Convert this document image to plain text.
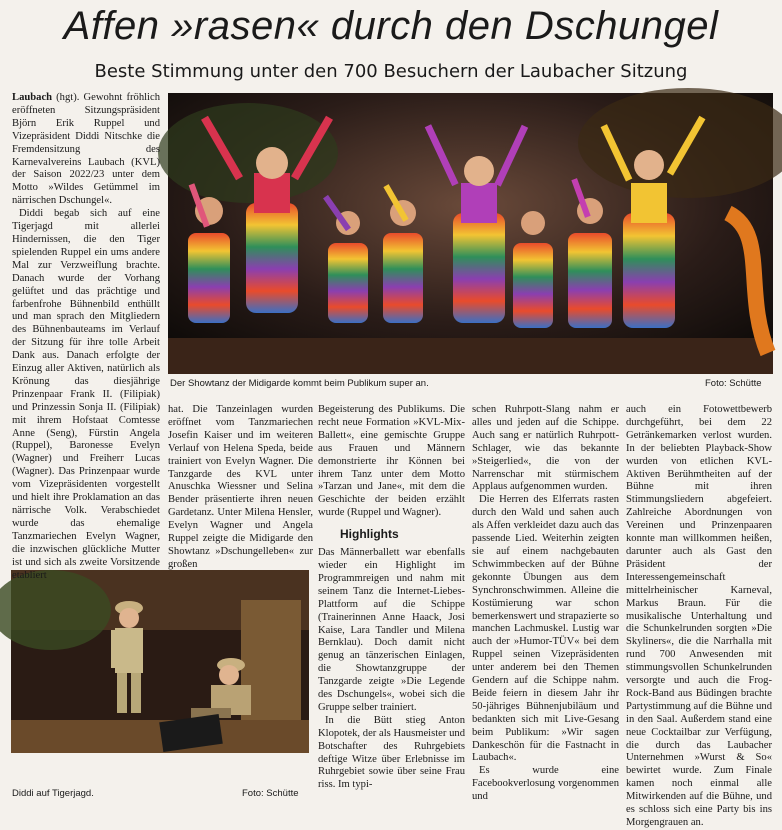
Affen »rasen« durch den Dschungel
Beste Stimmung unter den 700 Besuchern der Laubacher Sitzung
Der Showtanz der Midigarde kommt beim Publikum super an.	Foto: Schütte
Diddi auf Tigerjagd.	Foto: Schütte

Laubach (hgt). Gewohnt fröhlich eröffneten Sitzungspräsident Björn Erik Ruppel und Vizepräsident Diddi Nitschke die Fremdensitzung des Karnevalvereins Laubach (KVL) der Saison 2022/23 unter dem Motto »Wildes Getümmel im närrischen Dschungel«.

Diddi begab sich auf eine Tigerjagd mit allerlei Hindernissen, die den Tiger spielenden Ruppel ein ums andere Mal zur Verzweiflung brachte. Danach wurde der Vorhang gelüftet und das prächtige und farbenfrohe Bühnenbild enthüllt und man sprach den Mitgliedern des Bühnenbauteams im Verlauf der Sitzung für ihre tolle Arbeit Dank aus. Danach erfolgte der Einzug aller Aktiven, natürlich als Krönung das diesjährige Prinzenpaar Frank II. (Filipiak) und Prinzessin Sonja II. (Filipiak) mit ihrem Hofstaat Comtesse Anne (Seng), Fürstin Angela (Ruppel), Baronesse Evelyn (Wagner) und Freiherr Lucas (Wagner). Das Prinzenpaar wurde vom Vizepräsidenten vorgestellt und hielt ihre Proklamation an das närrische Volk. Verabschiedet wurde das ehemalige Tanzmariechen Evelyn Wagner, die inzwischen glückliche Mutter ist und sich als zweite Vorsitzende etabliert

hat. Die Tanzeinlagen wurden eröffnet vom Tanzmariechen Josefin Kaiser und im weiteren Verlauf von Helena Speda, beide trainiert von Evelyn Wagner. Die Tanzgarde des KVL unter Anuschka Wiessner und Selina Bender präsentierte ihren neuen Gardetanz. Unter Milena Hensler, Evelyn Wagner und Angela Ruppel zeigte die Midigarde den Showtanz »Dschungelleben« zur großen

Begeisterung des Publikums. Die recht neue Formation »KVL-Mix-Ballett«, eine gemischte Gruppe aus Frauen und Männern demonstrierte ihr Können bei ihrem Tanz unter dem Motto »Tarzan und Jane«, mit dem die Geschichte der beiden erzählt wurde (Ruppel und Wagner).

Highlights

Das Männerballett war ebenfalls wieder ein Highlight im Programmreigen und nahm mit seinem Tanz die Internet-Liebes-Plattform auf die Schippe (Trainerinnen Anne Haack, Josi Kaise, Lara Tandler und Milena Bernklau). Doch damit nicht genug an tänzerischen Einlagen, die Showtanzgruppe der Tanzgarde zeigte »Die Legende des Dschungels«, wobei sich die Gruppe selber trainiert.

In die Bütt stieg Anton Klopotek, der als Hausmeister und Botschafter des Ruhrgebiets deftige Witze über Erlebnisse im Ruhrgebiet sowie über seine Frau riss. Im typi-

schen Ruhrpott-Slang nahm er alles und jeden auf die Schippe. Auch sang er natürlich Ruhrpott-Schlager, wie das bekannte »Steigerlied«, die von der Narrenschar mit stürmischem Applaus aufgenommen wurden.

Die Herren des Elferrats rasten durch den Wald und sahen auch als Affen verkleidet dazu auch das passende Lied. Weiterhin zeigten sie auf einem nachgebauten Schwimmbecken auf der Bühne gekonnte Übungen aus dem Synchronschwimmen. Alleine die Kostümierung war schon bemerkenswert und strapazierte so manchen Lachmuskel. Lustig war auch der »Humor-TÜV« bei dem Ruppel seinen Vizepräsidenten unter anderem bei den Themen Gendern auf die Schippe nahm. Beide feiern in diesem Jahr ihr 50-jähriges Bühnenjubiläum und bedankten sich mit Live-Gesang beim Publikum: »Wir sagen Dankeschön für die Fastnacht in Laubach«.

Es wurde eine Facebookverlosung vorgenommen und

auch ein Fotowettbewerb durchgeführt, bei dem 22 Getränkemarken verlost wurden. In der beliebten Playback-Show wurden von etlichen KVL-Aktiven Berühmtheiten auf der Bühne mit ihren Stimmungsliedern abgefeiert. Zahlreiche Abordnungen von Vereinen und Prinzenpaaren konnte man willkommen heißen, darunter auch als Gast den Präsident der Interessengemeinschaft mittelrheinischer Karneval, Markus Braun. Für die musikalische Unterhaltung und die Schunkelrunden sorgten »Die Skyliners«, die die Narrhalla mit rund 700 Anwesenden mit stimmungsvollen Schunkelrunden versorgte und auch die Frog-Rock-Band aus Büdingen brachte Partystimmung auf die Bühne und in den Saal. Außerdem stand eine neue Cocktailbar zur Verfügung, die durch das Laubacher Unternehmen »Wurst & So« bewirtet wurde. Zum Finale kamen noch einmal alle Mitwirkenden auf die Bühne, und es schloss sich eine Party bis ins Morgengrauen an.
